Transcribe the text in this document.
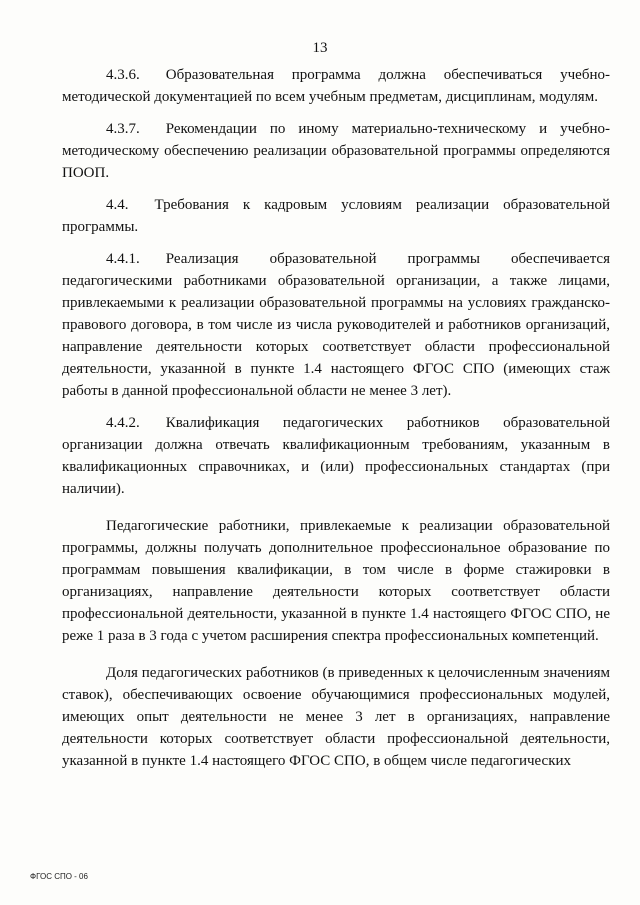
13

4.3.6. Образовательная программа должна обеспечиваться учебно-методической документацией по всем учебным предметам, дисциплинам, модулям.

4.3.7. Рекомендации по иному материально-техническому и учебно-методическому обеспечению реализации образовательной программы определяются ПООП.

4.4. Требования к кадровым условиям реализации образовательной программы.

4.4.1. Реализация образовательной программы обеспечивается педагогическими работниками образовательной организации, а также лицами, привлекаемыми к реализации образовательной программы на условиях гражданско-правового договора, в том числе из числа руководителей и работников организаций, направление деятельности которых соответствует области профессиональной деятельности, указанной в пункте 1.4 настоящего ФГОС СПО (имеющих стаж работы в данной профессиональной области не менее 3 лет).

4.4.2. Квалификация педагогических работников образовательной организации должна отвечать квалификационным требованиям, указанным в квалификационных справочниках, и (или) профессиональных стандартах (при наличии).

Педагогические работники, привлекаемые к реализации образовательной программы, должны получать дополнительное профессиональное образование по программам повышения квалификации, в том числе в форме стажировки в организациях, направление деятельности которых соответствует области профессиональной деятельности, указанной в пункте 1.4 настоящего ФГОС СПО, не реже 1 раза в 3 года с учетом расширения спектра профессиональных компетенций.

Доля педагогических работников (в приведенных к целочисленным значениям ставок), обеспечивающих освоение обучающимися профессиональных модулей, имеющих опыт деятельности не менее 3 лет в организациях, направление деятельности которых соответствует области профессиональной деятельности, указанной в пункте 1.4 настоящего ФГОС СПО, в общем числе педагогических

ФГОС СПО - 06
